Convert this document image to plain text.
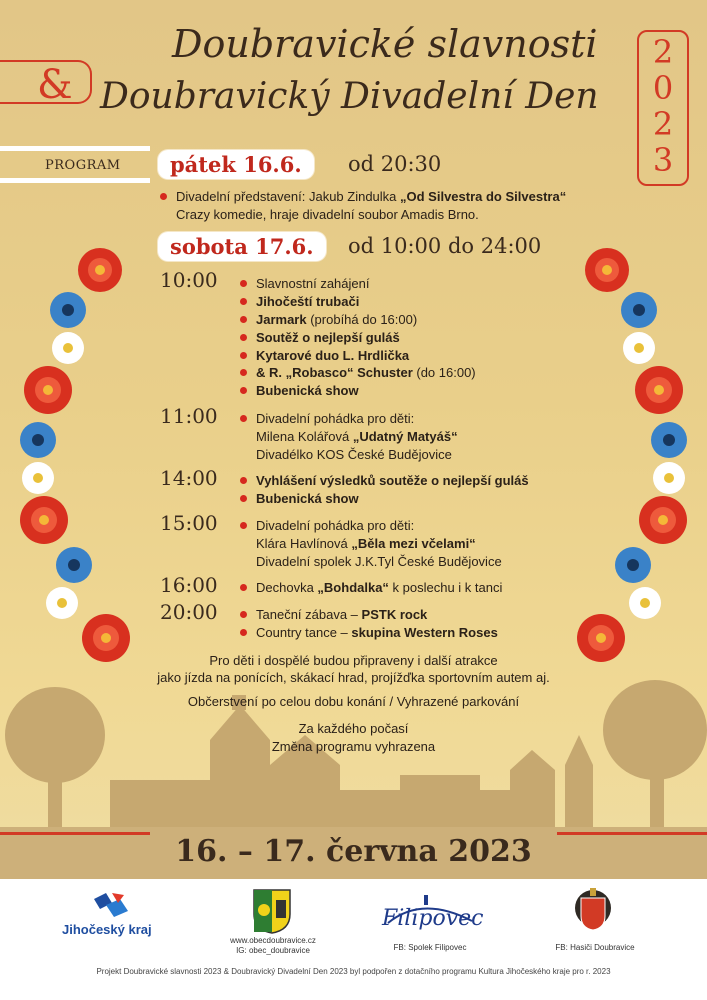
Doubravické slavnosti
& Doubravický Divadelní Den
PROGRAM
2
0
2
3
pátek 16.6.	od 20:30
Divadelní představení: Jakub Zindulka „Od Silvestra do Silvestra“
Crazy komedie, hraje divadelní soubor Amadis Brno.
sobota 17.6.	od 10:00 do 24:00
10:00	Slavnostní zahájení
Jihočeští trubači
Jarmark (probíhá do 16:00)
Soutěž o nejlepší guláš
Kytarové duo L. Hrdlička
& R. „Robasco“ Schuster (do 16:00)
Bubenická show
11:00	Divadelní pohádka pro děti:
Milena Kolářová „Udatný Matyáš“
Divadélko KOS České Budějovice
14:00	Vyhlášení výsledků soutěže o nejlepší guláš
Bubenická show
15:00	Divadelní pohádka pro děti:
Klára Havlínová „Běla mezi včelami“
Divadelní spolek J.K.Tyl České Budějovice
16:00	Dechovka „Bohdalka“ k poslechu i k tanci
20:00	Taneční zábava – PSTK rock
Country tance – skupina Western Roses
Pro děti i dospělé budou připraveny i další atrakce
jako jízda na ponících, skákací hrad, projížďka sportovním autem aj.
Občerstvení po celou dobu konání / Vyhrazené parkování
Za každého počasí
Změna programu vyhrazena
16. – 17. června 2023
Jihočeský kraj
www.obecdoubravice.cz
IG: obec_doubravice
Filipovec
FB: Spolek Filipovec	FB: Hasiči Doubravice
Projekt Doubravické slavnosti 2023 & Doubravický Divadelní Den 2023 byl podpořen z dotačního programu Kultura Jihočeského kraje pro r. 2023
